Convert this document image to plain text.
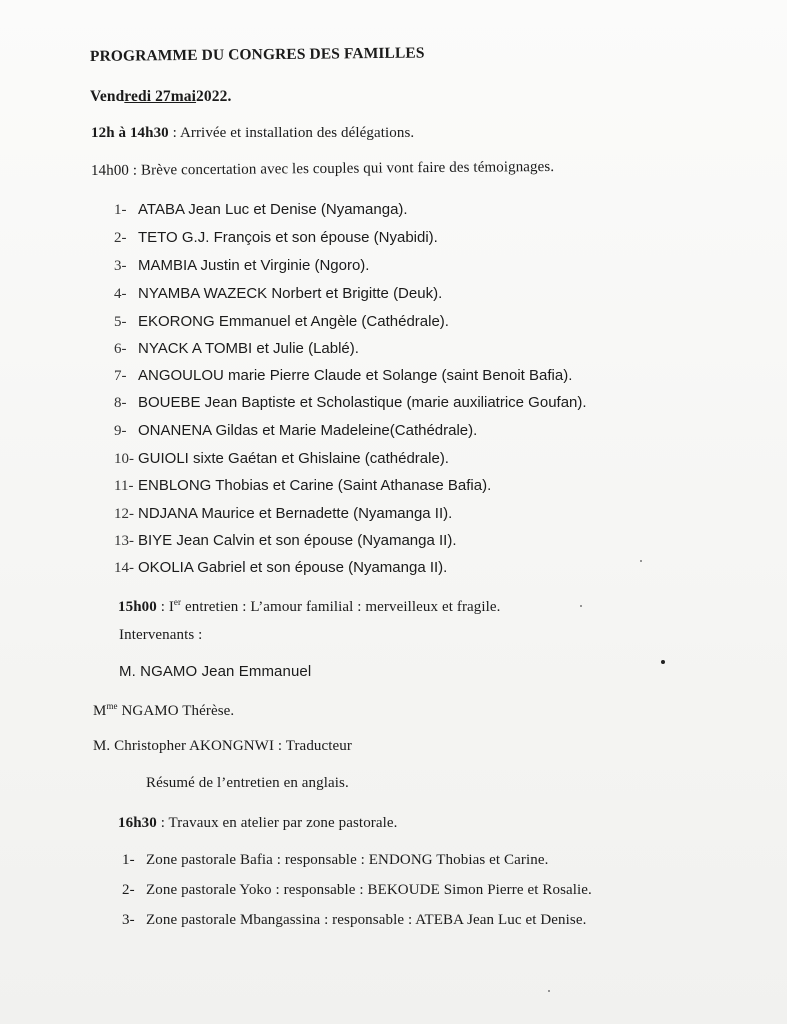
PROGRAMME DU CONGRES DES FAMILLES
Vendredi 27mai2022.
12h à 14h30 : Arrivée et installation des délégations.
14h00 : Brève concertation avec les couples qui vont faire des témoignages.
1- ATABA Jean Luc et Denise (Nyamanga).
2- TETO G.J. François et son épouse (Nyabidi).
3- MAMBIA Justin et Virginie (Ngoro).
4- NYAMBA WAZECK Norbert et Brigitte (Deuk).
5- EKORONG Emmanuel et Angèle (Cathédrale).
6- NYACK A TOMBI et Julie (Lablé).
7- ANGOULOU marie Pierre Claude et Solange (saint Benoit Bafia).
8- BOUEBE Jean Baptiste et Scholastique (marie auxiliatrice Goufan).
9- ONANENA Gildas et Marie Madeleine(Cathédrale).
10- GUIOLI sixte Gaétan et Ghislaine (cathédrale).
11- ENBLONG Thobias et Carine (Saint Athanase Bafia).
12- NDJANA Maurice et Bernadette (Nyamanga II).
13- BIYE Jean Calvin et son épouse (Nyamanga II).
14- OKOLIA Gabriel et son épouse (Nyamanga II).
15h00 : Ier entretien : L’amour familial : merveilleux et fragile.
Intervenants :
M. NGAMO Jean Emmanuel
$M^{me}$ NGAMO Thérèse.
M. Christopher AKONGNWI : Traducteur
Résumé de l’entretien en anglais.
16h30 : Travaux en atelier par zone pastorale.
1- Zone pastorale Bafia : responsable : ENDONG Thobias et Carine.
2- Zone pastorale Yoko : responsable : BEKOUDE Simon Pierre et Rosalie.
3- Zone pastorale Mbangassina : responsable : ATEBA Jean Luc et Denise.
